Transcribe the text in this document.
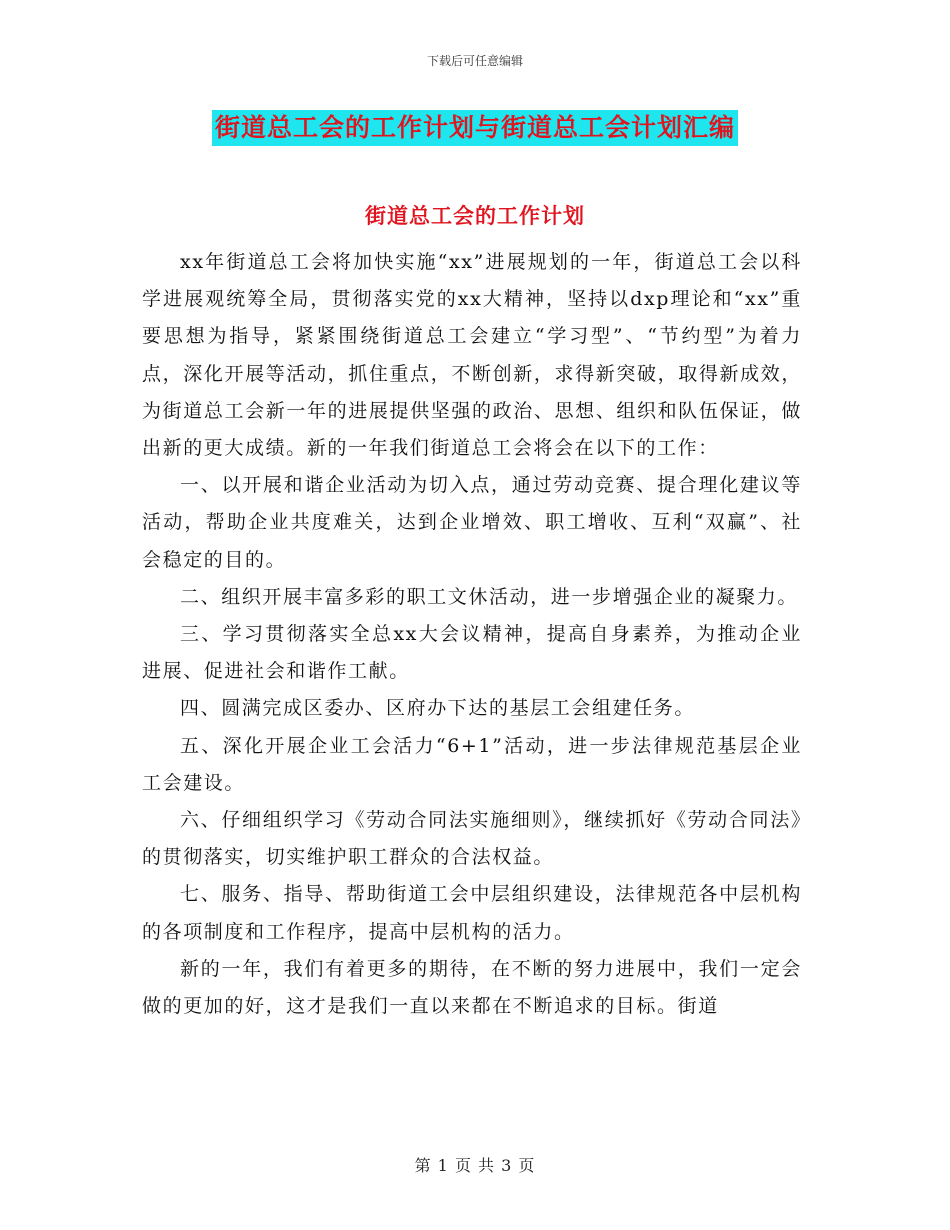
下载后可任意编辑
街道总工会的工作计划与街道总工会计划汇编
街道总工会的工作计划

xx年街道总工会将加快实施“xx”进展规划的一年，街道总工会以科学进展观统筹全局，贯彻落实党的xx大精神，坚持以dxp理论和“xx”重要思想为指导，紧紧围绕街道总工会建立“学习型”、“节约型”为着力点，深化开展等活动，抓住重点，不断创新，求得新突破，取得新成效，为街道总工会新一年的进展提供坚强的政治、思想、组织和队伍保证，做出新的更大成绩。新的一年我们街道总工会将会在以下的工作：

一、以开展和谐企业活动为切入点，通过劳动竞赛、提合理化建议等活动，帮助企业共度难关，达到企业增效、职工增收、互利“双赢”、社会稳定的目的。

二、组织开展丰富多彩的职工文休活动，进一步增强企业的凝聚力。

三、学习贯彻落实全总xx大会议精神，提高自身素养，为推动企业进展、促进社会和谐作工献。

四、圆满完成区委办、区府办下达的基层工会组建任务。

五、深化开展企业工会活力“6+1”活动，进一步法律规范基层企业工会建设。

六、仔细组织学习《劳动合同法实施细则》，继续抓好《劳动合同法》的贯彻落实，切实维护职工群众的合法权益。

七、服务、指导、帮助街道工会中层组织建设，法律规范各中层机构的各项制度和工作程序，提高中层机构的活力。

新的一年，我们有着更多的期待，在不断的努力进展中，我们一定会做的更加的好，这才是我们一直以来都在不断追求的目标。街道

第 1 页 共 3 页
